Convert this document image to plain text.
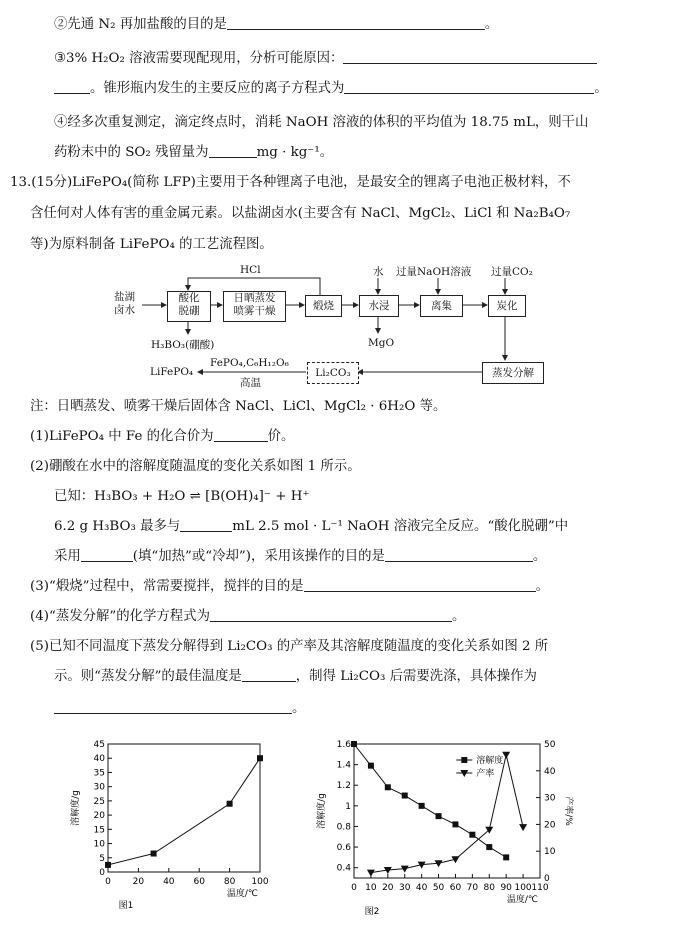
②先通 N₂ 再加盐酸的目的是	。
③3% H₂O₂ 溶液需要现配现用，分析可能原因：
。锥形瓶内发生的主要反应的离子方程式为	。
④经多次重复测定，滴定终点时，消耗 NaOH 溶液的体积的平均值为 18.75 mL，则干山
药粉末中的 SO₂ 残留量为	mg · kg⁻¹。
13.(15分)LiFePO₄(简称 LFP)主要用于各种锂离子电池，是最安全的锂离子电池正极材料，不
含任何对人体有害的重金属元素。以盐湖卤水(主要含有 NaCl、MgCl₂、LiCl 和 Na₂B₄O₇
等)为原料制备 LiFePO₄ 的工艺流程图。
盐湖
卤水
酸化
脱硼
日晒蒸发
喷雾干燥	煅烧	水浸	离集	炭化
蒸发分解
Li₂CO₃
HCl	水 过量NaOH溶液 过量CO₂
H₃BO₃(硼酸)	MgO
FePO₄,C₆H₁₂O₆
高温
LiFePO₄
注：日晒蒸发、喷雾干燥后固体含 NaCl、LiCl、MgCl₂ · 6H₂O 等。
(1)LiFePO₄ 中 Fe 的化合价为	价。
(2)硼酸在水中的溶解度随温度的变化关系如图 1 所示。
已知：H₃BO₃ + H₂O ⇌ [B(OH)₄]⁻ + H⁺
6.2 g H₃BO₃ 最多与	mL 2.5 mol · L⁻¹ NaOH 溶液完全反应。“酸化脱硼”中
采用	(填“加热”或“冷却”)，采用该操作的目的是	。
(3)“煅烧”过程中，常需要搅拌，搅拌的目的是	。
(4)“蒸发分解”的化学方程式为	。
(5)已知不同温度下蒸发分解得到 Li₂CO₃ 的产率及其溶解度随温度的变化关系如图 2 所
示。则“蒸发分解”的最佳温度是	，制得 Li₂CO₃ 后需要洗涤，具体操作为
。
0 20 40 60 80 100
0
5
10
15
20
25
30
35
40
45
溶解度/g
温度/℃
图1
0 10 20 30 40 50 60 70 80 90 100 110
0.4
0.6
0.8
1
1.2
1.4
1.6
溶解度/g
温度/℃
图2
0
10
20
30
40
50
产率/%
溶解度
产率
